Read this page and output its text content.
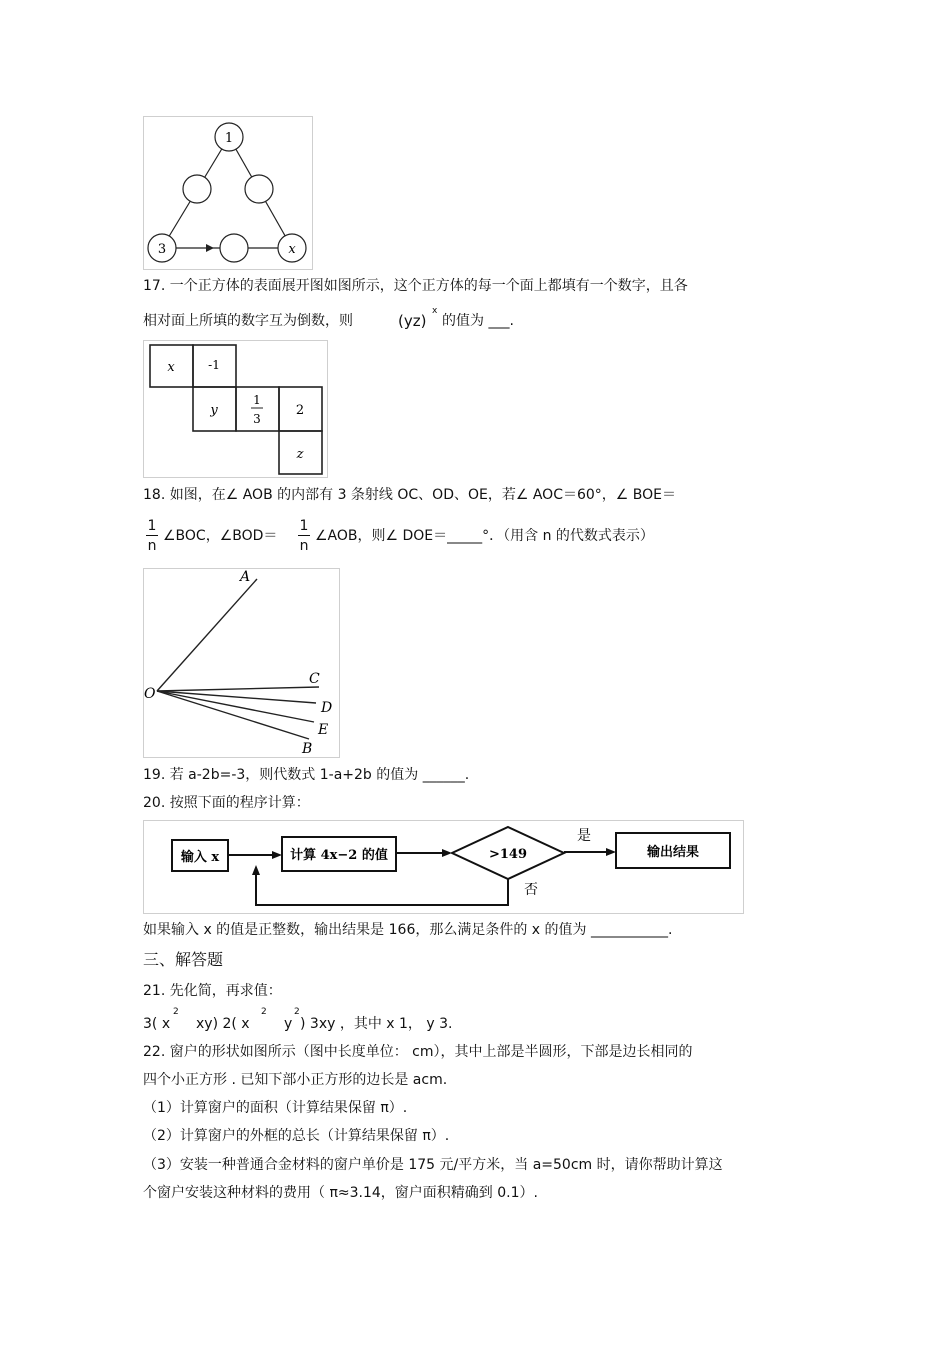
1
3	x
17. 一个正方体的表面展开图如图所示，这个正方体的每一个面上都填有一个数字，且各
相对面上所填的数字互为倒数，则	(yz)
x
的值为 ___.
x	-1
y
1
3
2
z
18. 如图，在∠ AOB 的内部有 3 条射线 OC、OD、OE，若∠ AOC＝60°，∠ BOE＝
$\frac{1}{n}$ ∠BOC，∠BOD＝ $\frac{1}{n}$ ∠AOB，则∠ DOE＝_____°．（用含 n 的代数式表示）
A
C
D
E
B
O
19. 若 a-2b=-3，则代数式 1-a+2b 的值为 ______.
20. 按照下面的程序计算：
输入 x	计算 4x−2 的值	>149	输出结果
是
否
如果输入 x 的值是正整数，输出结果是 166，那么满足条件的 x 的值为 ___________.
三、解答题
21. 先化简，再求值：
3( x
2
xy) 2( x
2
y
2
) 3xy ，其中 x 1， y 3.
22. 窗户的形状如图所示（图中长度单位： cm），其中上部是半圆形，下部是边长相同的
四个小正方形 . 已知下部小正方形的边长是 acm.
（1）计算窗户的面积（计算结果保留 π）.
（2）计算窗户的外框的总长（计算结果保留 π）.
（3）安装一种普通合金材料的窗户单价是 175 元/平方米，当 a=50cm 时，请你帮助计算这
个窗户安装这种材料的费用（ π≈3.14，窗户面积精确到 0.1）.
